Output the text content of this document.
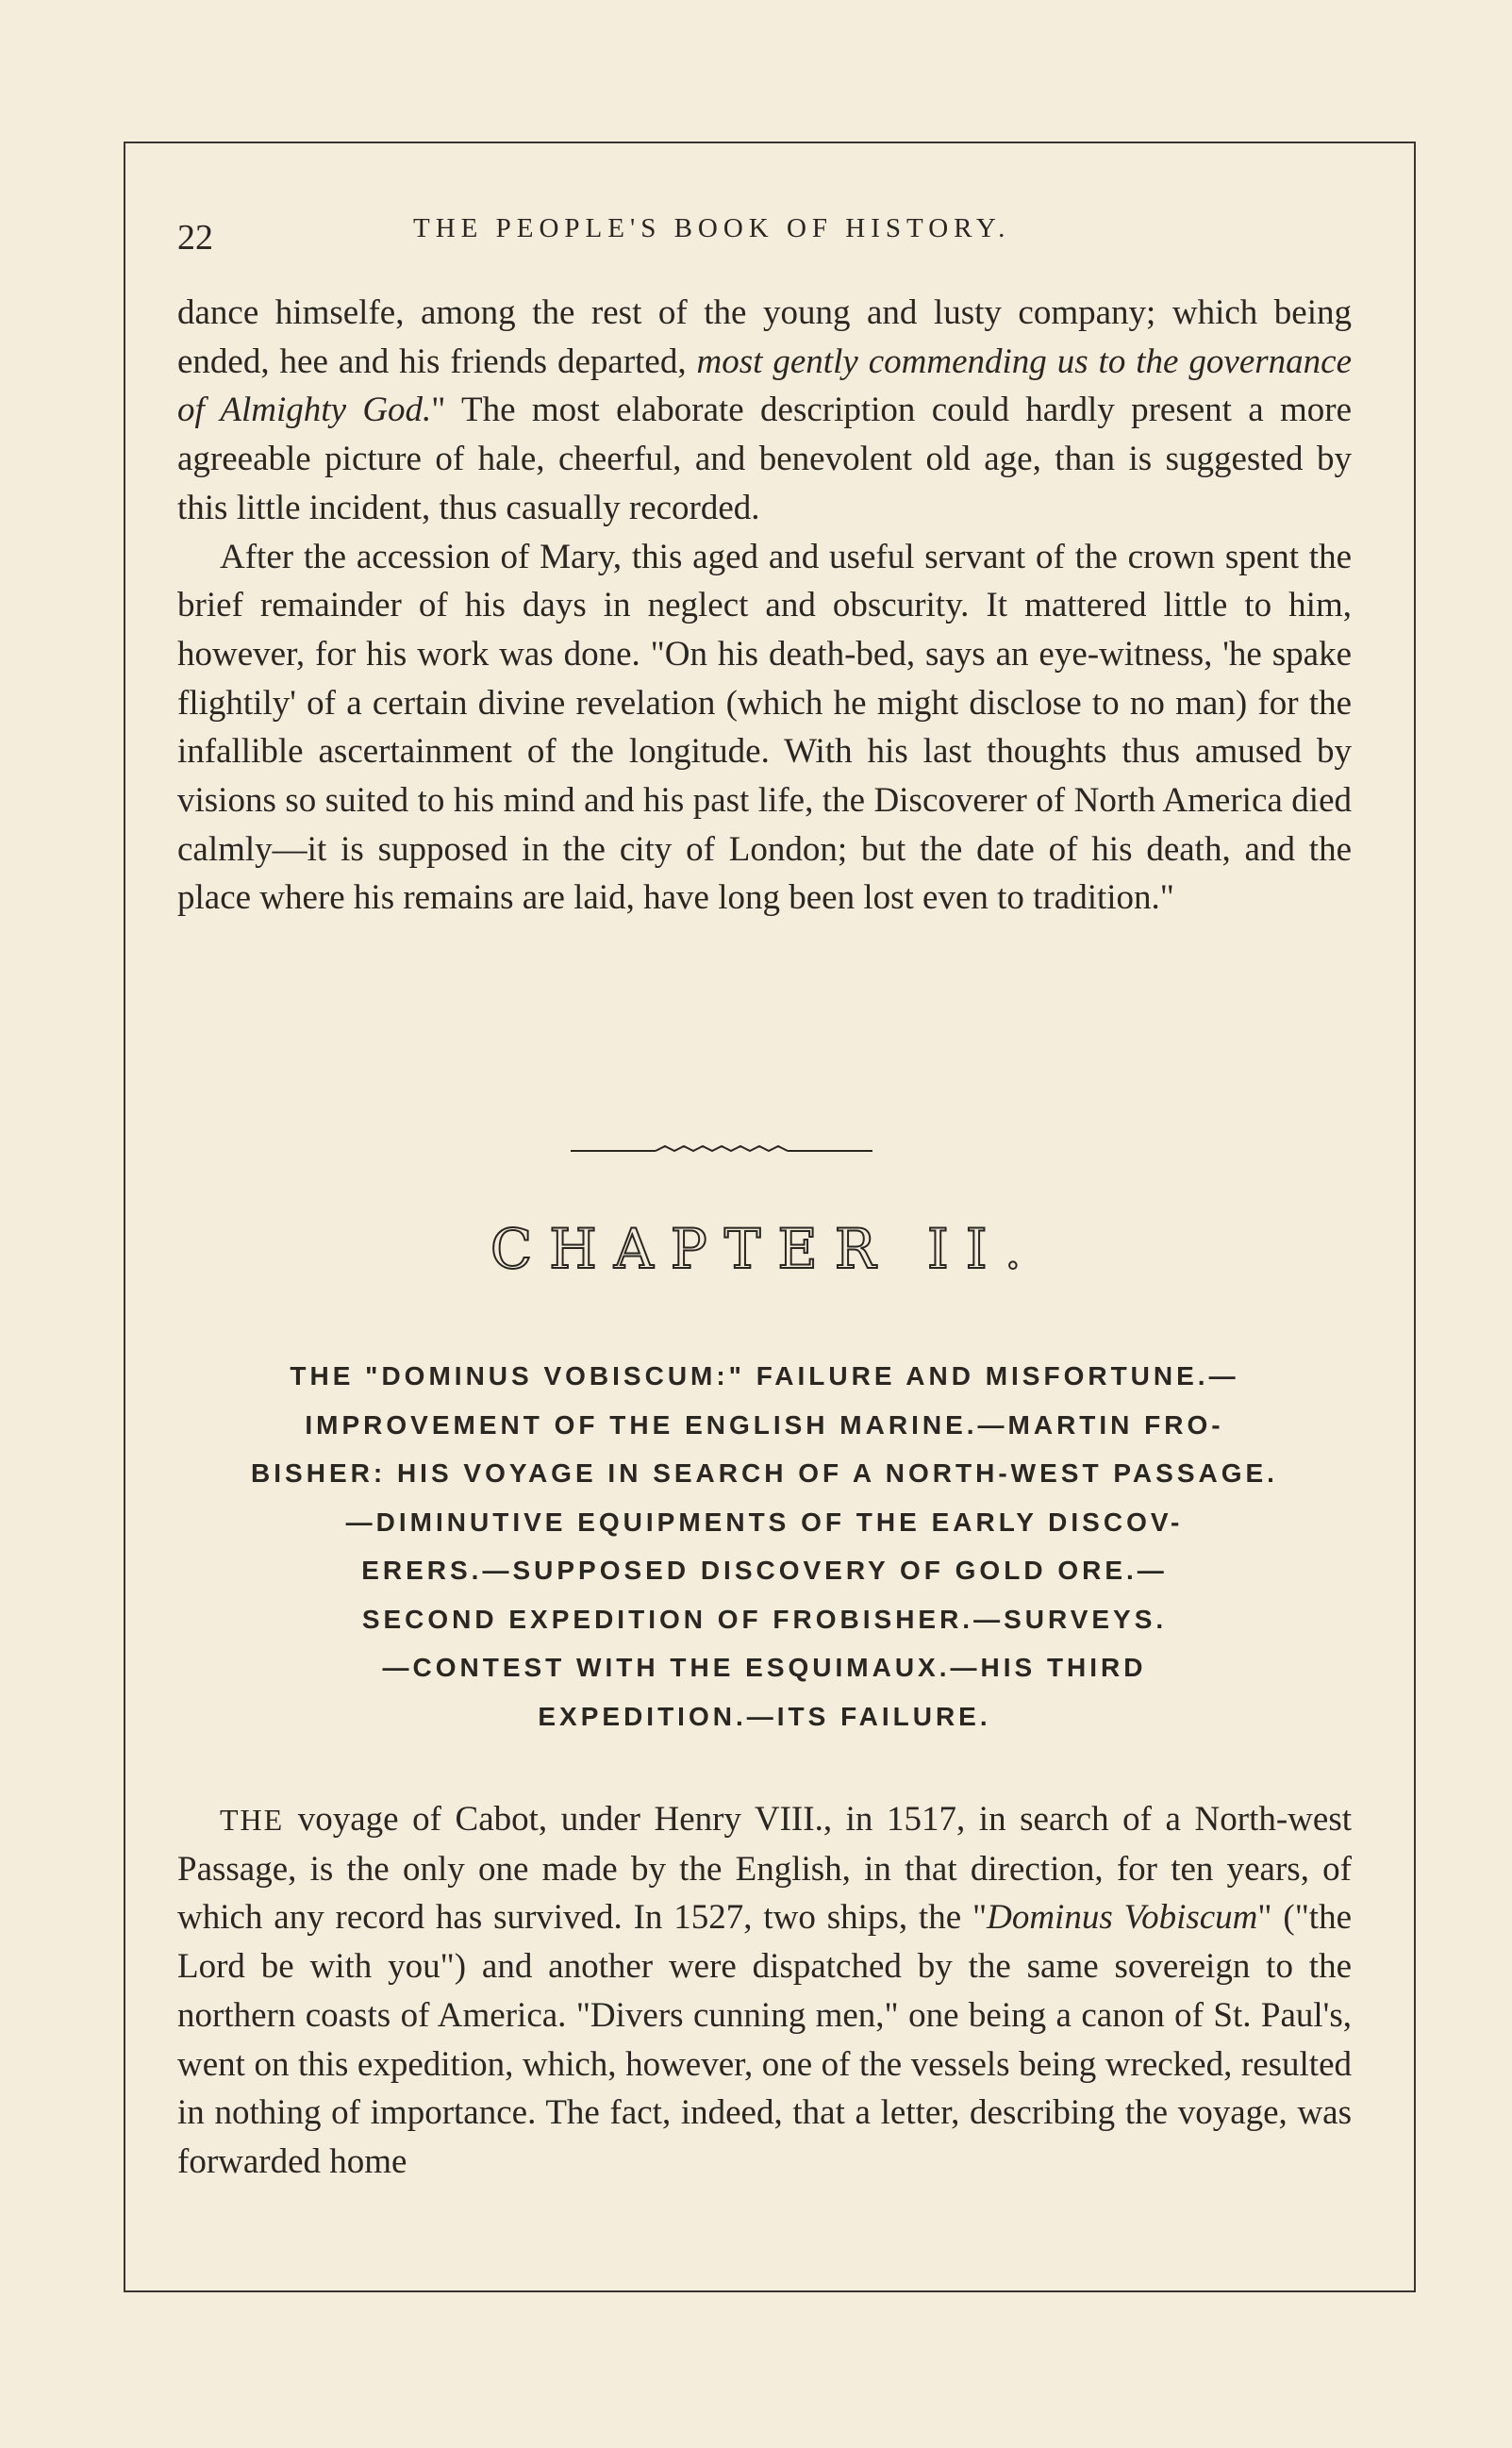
22	THE PEOPLE'S BOOK OF HISTORY.

dance himselfe, among the rest of the young and lusty company; which being ended, hee and his friends departed, most gently commending us to the governance of Almighty God." The most elaborate description could hardly present a more agreeable picture of hale, cheerful, and benevolent old age, than is suggested by this little incident, thus casually recorded.

After the accession of Mary, this aged and useful servant of the crown spent the brief remainder of his days in neglect and obscurity. It mattered little to him, however, for his work was done. "On his death-bed, says an eye-witness, 'he spake flightily' of a certain divine revelation (which he might disclose to no man) for the infallible ascertainment of the longitude. With his last thoughts thus amused by visions so suited to his mind and his past life, the Discoverer of North America died calmly—it is supposed in the city of London; but the date of his death, and the place where his remains are laid, have long been lost even to tradition."

CHAPTER II.
THE "DOMINUS VOBISCUM:" FAILURE AND MISFORTUNE.—
IMPROVEMENT OF THE ENGLISH MARINE.—MARTIN FRO-
BISHER: HIS VOYAGE IN SEARCH OF A NORTH-WEST PASSAGE.
—DIMINUTIVE EQUIPMENTS OF THE EARLY DISCOV-
ERERS.—SUPPOSED DISCOVERY OF GOLD ORE.—
SECOND EXPEDITION OF FROBISHER.—SURVEYS.
—CONTEST WITH THE ESQUIMAUX.—HIS THIRD
EXPEDITION.—ITS FAILURE.

THE voyage of Cabot, under Henry VIII., in 1517, in search of a North-west Passage, is the only one made by the English, in that direction, for ten years, of which any record has survived. In 1527, two ships, the "Dominus Vobiscum" ("the Lord be with you") and another were dispatched by the same sovereign to the northern coasts of America. "Divers cunning men," one being a canon of St. Paul's, went on this expedition, which, however, one of the vessels being wrecked, resulted in nothing of importance. The fact, indeed, that a letter, describing the voyage, was forwarded home
